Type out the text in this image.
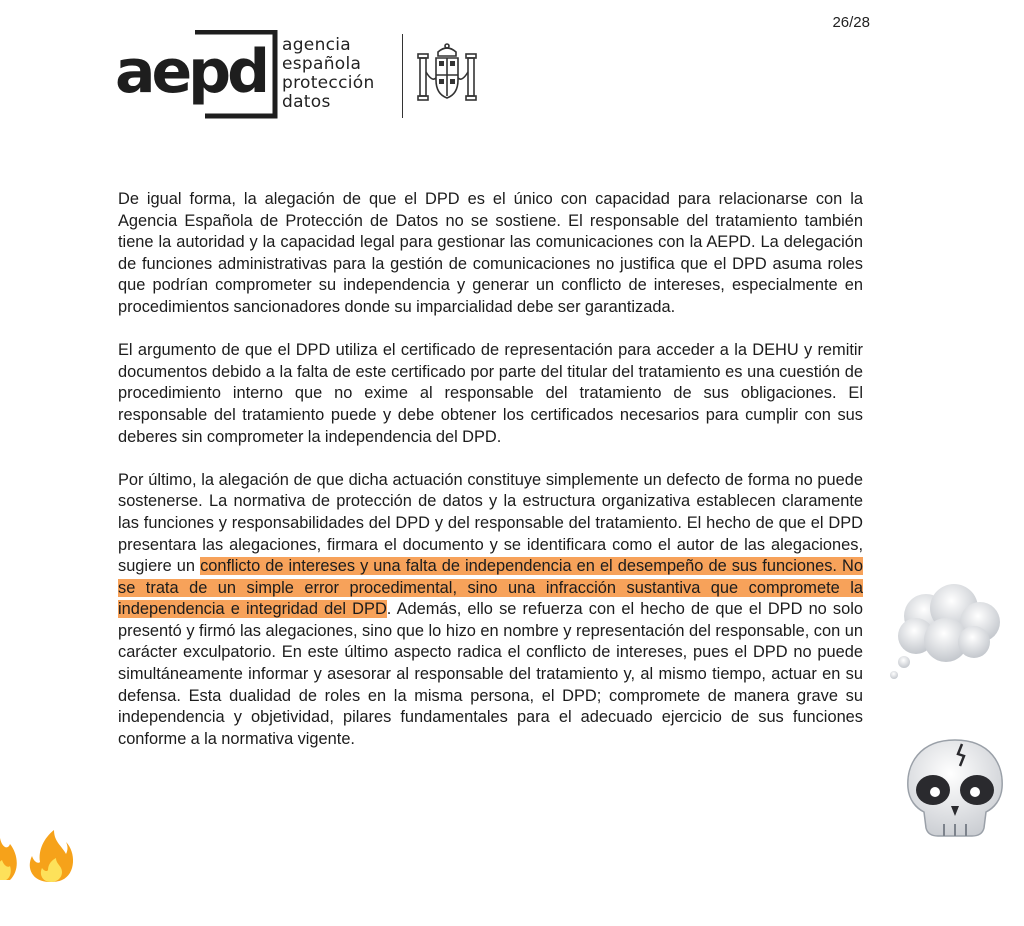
26/28
aepd agencia
española
protección
datos

De igual forma, la alegación de que el DPD es el único con capacidad para relacionarse con la Agencia Española de Protección de Datos no se sostiene. El responsable del tratamiento también tiene la autoridad y la capacidad legal para gestionar las comunicaciones con la AEPD. La delegación de funciones administrativas para la gestión de comunicaciones no justifica que el DPD asuma roles que podrían comprometer su independencia y generar un conflicto de intereses, especialmente en procedimientos sancionadores donde su imparcialidad debe ser garantizada.

El argumento de que el DPD utiliza el certificado de representación para acceder a la DEHU y remitir documentos debido a la falta de este certificado por parte del titular del tratamiento es una cuestión de procedimiento interno que no exime al responsable del tratamiento de sus obligaciones. El responsable del tratamiento puede y debe obtener los certificados necesarios para cumplir con sus deberes sin comprometer la independencia del DPD.

Por último, la alegación de que dicha actuación constituye simplemente un defecto de forma no puede sostenerse. La normativa de protección de datos y la estructura organizativa establecen claramente las funciones y responsabilidades del DPD y del responsable del tratamiento. El hecho de que el DPD presentara las alegaciones, firmara el documento y se identificara como el autor de las alegaciones, sugiere un conflicto de intereses y una falta de independencia en el desempeño de sus funciones. No se trata de un simple error procedimental, sino una infracción sustantiva que compromete la independencia e integridad del DPD. Además, ello se refuerza con el hecho de que el DPD no solo presentó y firmó las alegaciones, sino que lo hizo en nombre y representación del responsable, con un carácter exculpatorio. En este último aspecto radica el conflicto de intereses, pues el DPD no puede simultáneamente informar y asesorar al responsable del tratamiento y, al mismo tiempo, actuar en su defensa. Esta dualidad de roles en la misma persona, el DPD; compromete de manera grave su independencia y objetividad, pilares fundamentales para el adecuado ejercicio de sus funciones conforme a la normativa vigente.
